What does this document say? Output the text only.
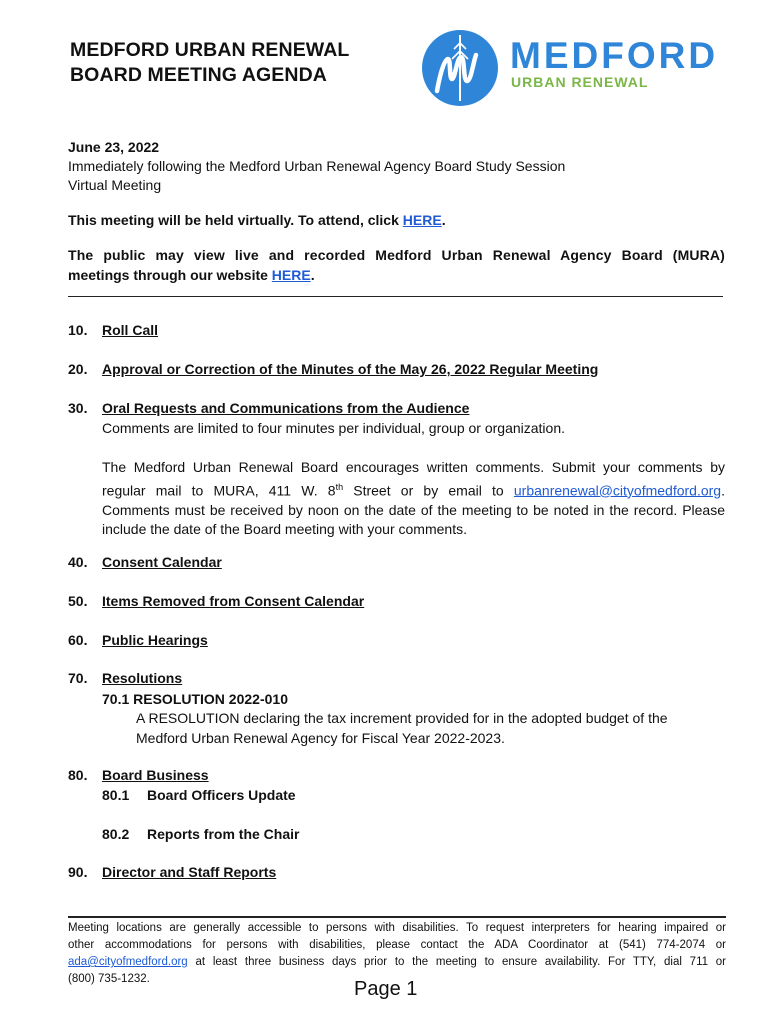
MEDFORD URBAN RENEWAL
BOARD MEETING AGENDA	MEDFORD
URBAN RENEWAL
June 23, 2022
Immediately following the Medford Urban Renewal Agency Board Study Session
Virtual Meeting
This meeting will be held virtually. To attend, click HERE.
The public may view live and recorded Medford Urban Renewal Agency Board (MURA)
meetings through our website HERE.
10. Roll Call
20. Approval or Correction of the Minutes of the May 26, 2022 Regular Meeting
30. Oral Requests and Communications from the Audience
Comments are limited to four minutes per individual, group or organization.
The Medford Urban Renewal Board encourages written comments. Submit your comments by
regular mail to MURA, 411 W. 8th Street or by email to urbanrenewal@cityofmedford.org.
Comments must be received by noon on the date of the meeting to be noted in the record. Please
include the date of the Board meeting with your comments.
40. Consent Calendar
50. Items Removed from Consent Calendar
60. Public Hearings
70. Resolutions
70.1 RESOLUTION 2022-010
A RESOLUTION declaring the tax increment provided for in the adopted budget of the
Medford Urban Renewal Agency for Fiscal Year 2022-2023.
80. Board Business
80.1 Board Officers Update
80.2 Reports from the Chair
90. Director and Staff Reports
Meeting locations are generally accessible to persons with disabilities. To request interpreters for hearing impaired or
other accommodations for persons with disabilities, please contact the ADA Coordinator at (541) 774-2074 or
ada@cityofmedford.org at least three business days prior to the meeting to ensure availability. For TTY, dial 711 or
(800) 735-1232.	Page 1
